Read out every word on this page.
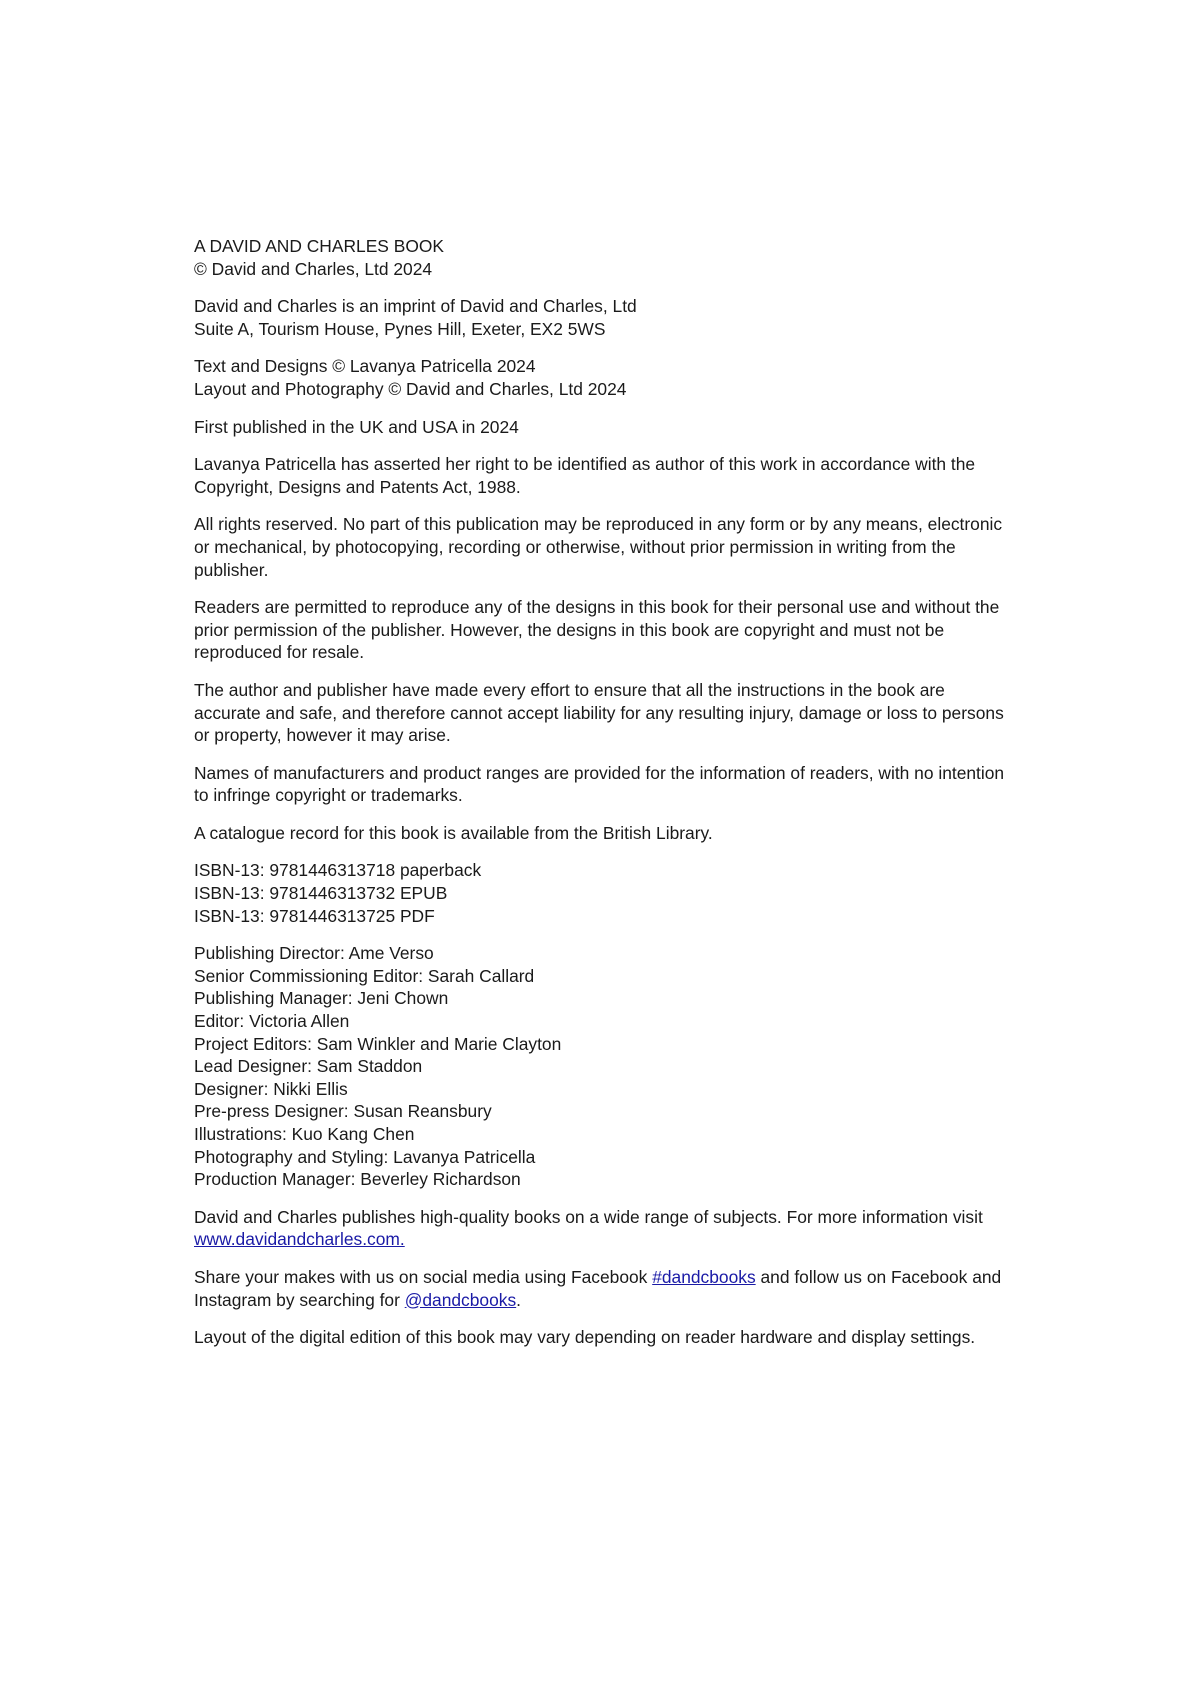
A DAVID AND CHARLES BOOK
© David and Charles, Ltd 2024

David and Charles is an imprint of David and Charles, Ltd
Suite A, Tourism House, Pynes Hill, Exeter, EX2 5WS

Text and Designs © Lavanya Patricella 2024
Layout and Photography © David and Charles, Ltd 2024

First published in the UK and USA in 2024

Lavanya Patricella has asserted her right to be identified as author of this work in accordance with the Copyright, Designs and Patents Act, 1988.

All rights reserved. No part of this publication may be reproduced in any form or by any means, electronic or mechanical, by photocopying, recording or otherwise, without prior permission in writing from the publisher.

Readers are permitted to reproduce any of the designs in this book for their personal use and without the prior permission of the publisher. However, the designs in this book are copyright and must not be reproduced for resale.

The author and publisher have made every effort to ensure that all the instructions in the book are accurate and safe, and therefore cannot accept liability for any resulting injury, damage or loss to persons or property, however it may arise.

Names of manufacturers and product ranges are provided for the information of readers, with no intention to infringe copyright or trademarks.

A catalogue record for this book is available from the British Library.

ISBN-13: 9781446313718 paperback
ISBN-13: 9781446313732 EPUB
ISBN-13: 9781446313725 PDF

Publishing Director: Ame Verso
Senior Commissioning Editor: Sarah Callard
Publishing Manager: Jeni Chown
Editor: Victoria Allen
Project Editors: Sam Winkler and Marie Clayton
Lead Designer: Sam Staddon
Designer: Nikki Ellis
Pre-press Designer: Susan Reansbury
Illustrations: Kuo Kang Chen
Photography and Styling: Lavanya Patricella
Production Manager: Beverley Richardson

David and Charles publishes high-quality books on a wide range of subjects. For more information visit www.davidandcharles.com.

Share your makes with us on social media using Facebook #dandcbooks and follow us on Facebook and Instagram by searching for @dandcbooks.

Layout of the digital edition of this book may vary depending on reader hardware and display settings.
